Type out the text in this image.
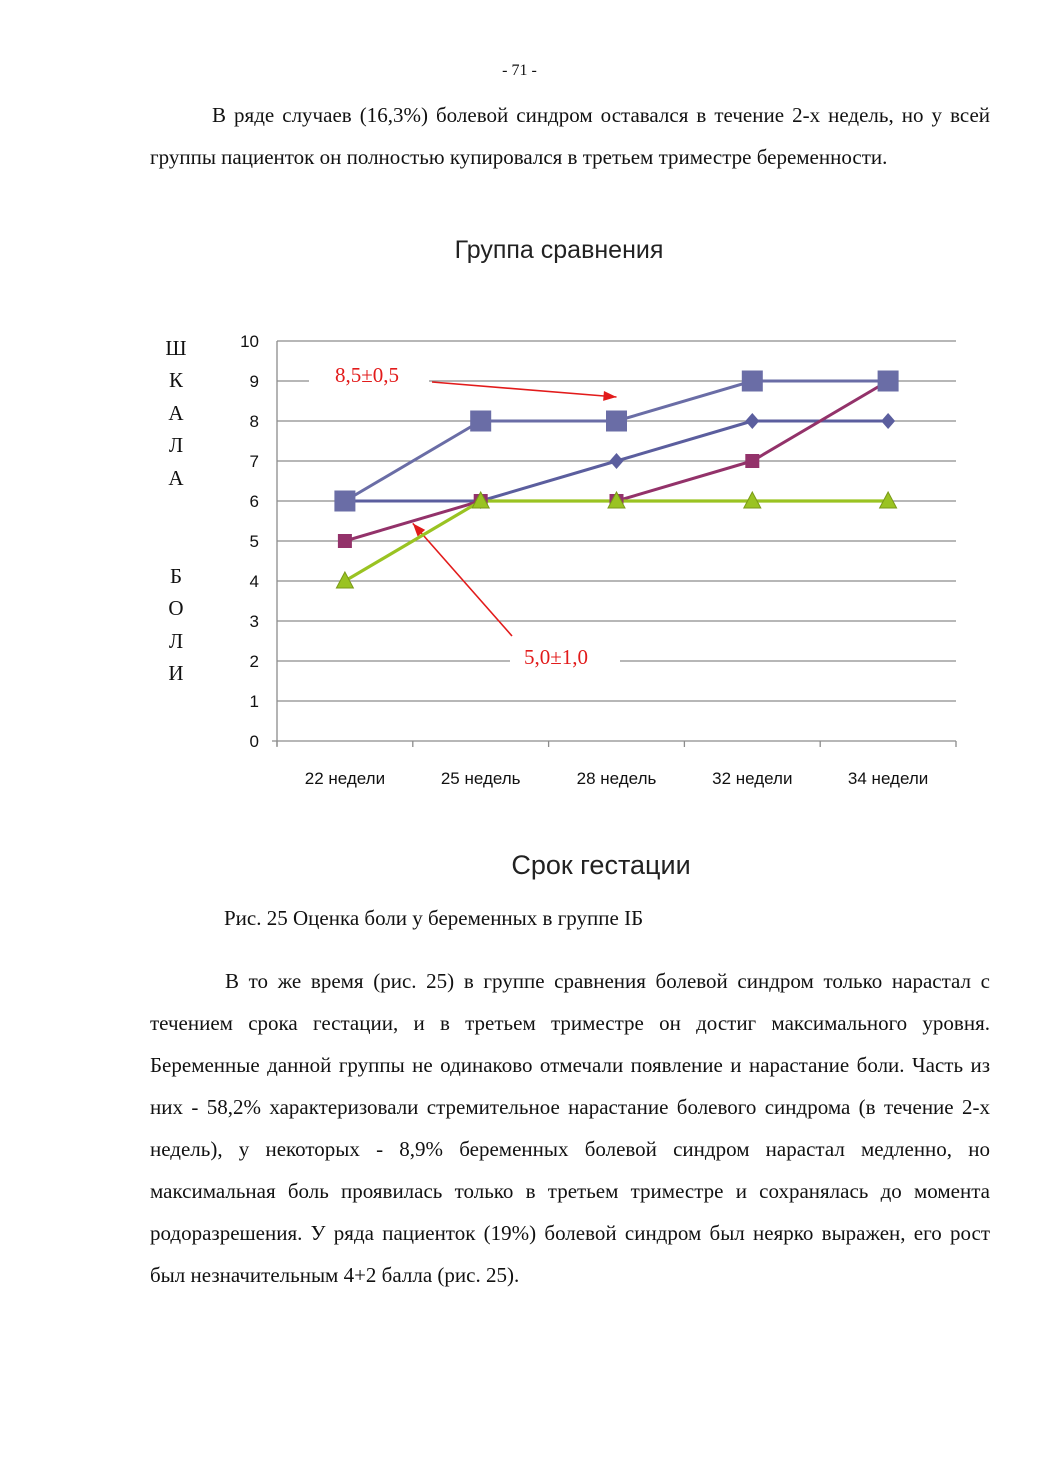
- 71 -

В ряде случаев (16,3%) болевой синдром оставался в течение 2-х недель, но у всей группы пациенток он полностью купировался в третьем триместре беременности.

Группа сравнения
Ш
К
А
Л
А
Б
О
Л
И
8,5±0,5
5,0±1,0
0
1
2
3
4
5
6
7
8
9
10
22 недели	25 недель	28 недель	32 недели	34 недели
Срок гестации
Рис. 25 Оценка боли у беременных в группе IБ

В то же время (рис. 25) в группе сравнения болевой синдром только нарастал с течением срока гестации, и в третьем триместре он достиг максимального уровня. Беременные данной группы не одинаково отмечали появление и нарастание боли. Часть из них - 58,2% характеризовали стремительное нарастание болевого синдрома (в течение 2-х недель), у некоторых - 8,9% беременных болевой синдром нарастал медленно, но максимальная боль проявилась только в третьем триместре и сохранялась до момента родоразрешения. У ряда пациенток (19%) болевой синдром был неярко выражен, его рост был незначительным 4+2 балла (рис. 25).
